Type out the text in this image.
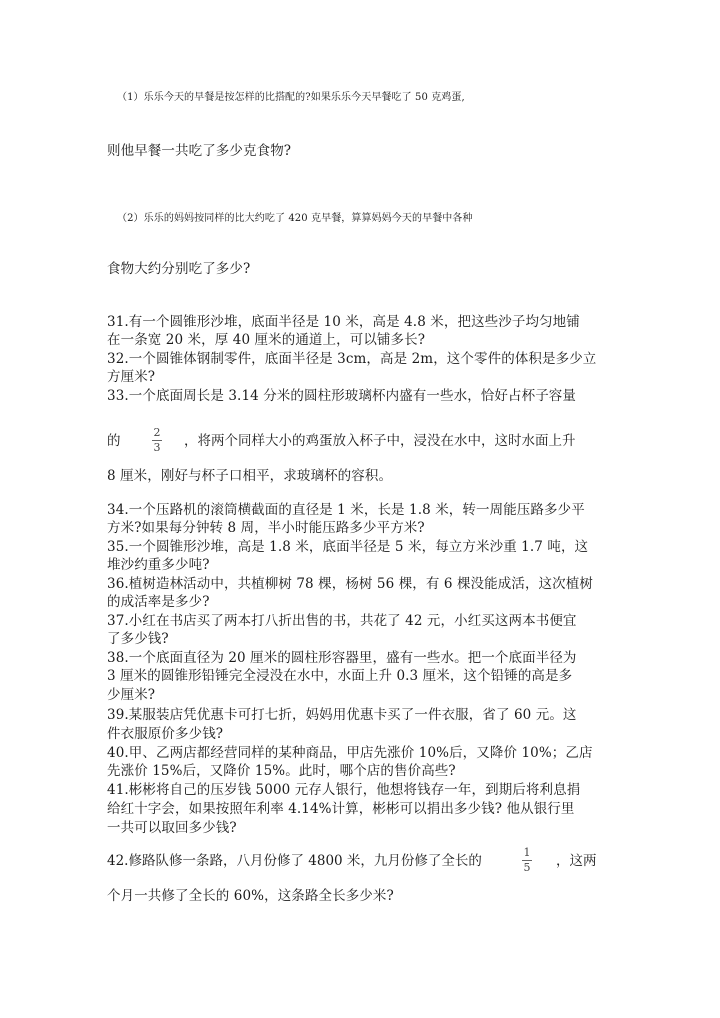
（1）乐乐今天的早餐是按怎样的比搭配的?如果乐乐今天早餐吃了 50 克鸡蛋,
则他早餐一共吃了多少克食物?
（2）乐乐的妈妈按同样的比大约吃了 420 克早餐，算算妈妈今天的早餐中各种
食物大约分别吃了多少?
31.有一个圆锥形沙堆，底面半径是 10 米，高是 4.8 米，把这些沙子均匀地铺
在一条宽 20 米，厚 40 厘米的通道上，可以铺多长?
32.一个圆锥体钢制零件，底面半径是 3cm，高是 2m，这个零件的体积是多少立
方厘米?
33.一个底面周长是 3.14 分米的圆柱形玻璃杯内盛有一些水，恰好占杯子容量
的
2
3 ，将两个同样大小的鸡蛋放入杯子中，浸没在水中，这时水面上升
8 厘米，刚好与杯子口相平，求玻璃杯的容积。
34.一个压路机的滚筒横截面的直径是 1 米，长是 1.8 米，转一周能压路多少平
方米?如果每分钟转 8 周，半小时能压路多少平方米?
35.一个圆锥形沙堆，高是 1.8 米，底面半径是 5 米，每立方米沙重 1.7 吨，这
堆沙约重多少吨?
36.植树造林活动中，共植柳树 78 棵，杨树 56 棵，有 6 棵没能成活，这次植树
的成活率是多少?
37.小红在书店买了两本打八折出售的书，共花了 42 元，小红买这两本书便宜
了多少钱?
38.一个底面直径为 20 厘米的圆柱形容器里，盛有一些水。把一个底面半径为
3 厘米的圆锥形铅锤完全浸没在水中，水面上升 0.3 厘米，这个铅锤的高是多
少厘米?
39.某服装店凭优惠卡可打七折，妈妈用优惠卡买了一件衣服，省了 60 元。这
件衣服原价多少钱?
40.甲、乙两店都经营同样的某种商品，甲店先涨价 10%后，又降价 10%；乙店
先涨价 15%后，又降价 15%。此时，哪个店的售价高些?
41.彬彬将自己的压岁钱 5000 元存人银行，他想将钱存一年，到期后将利息捐
给红十字会，如果按照年利率 4.14%计算，彬彬可以捐出多少钱? 他从银行里
一共可以取回多少钱?
42.修路队修一条路，八月份修了 4800 米，九月份修了全长的
1
5 ，这两
个月一共修了全长的 60%，这条路全长多少米?
